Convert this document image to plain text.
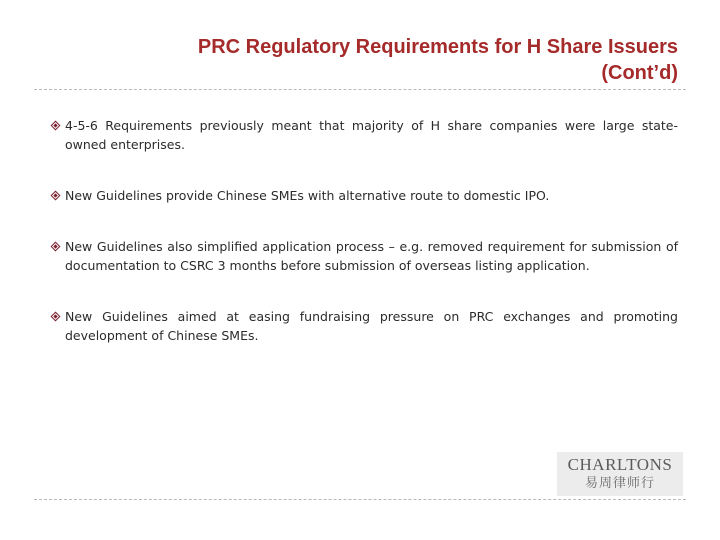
PRC Regulatory Requirements for H Share Issuers
(Cont’d)
4-5-6 Requirements previously meant that majority of H share companies were large state-owned enterprises.
New Guidelines provide Chinese SMEs with alternative route to domestic IPO.
New Guidelines also simplified application process – e.g. removed requirement for submission of documentation to CSRC 3 months before submission of overseas listing application.
New Guidelines aimed at easing fundraising pressure on PRC exchanges and promoting development of Chinese SMEs.
CHARLTONS
易周律师行
